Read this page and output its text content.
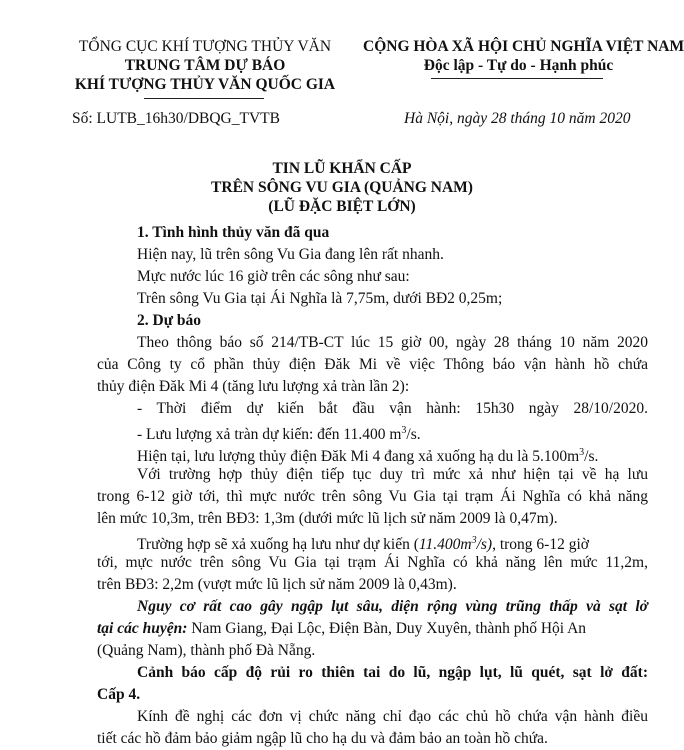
TỔNG CỤC KHÍ TƯỢNG THỦY VĂN
TRUNG TÂM DỰ BÁO
KHÍ TƯỢNG THỦY VĂN QUỐC GIA
CỘNG HÒA XÃ HỘI CHỦ NGHĨA VIỆT NAM
Độc lập - Tự do - Hạnh phúc
Số: LUTB_16h30/DBQG_TVTB	Hà Nội, ngày 28 tháng 10 năm 2020
TIN LŨ KHẨN CẤP
TRÊN SÔNG VU GIA (QUẢNG NAM)
(LŨ ĐẶC BIỆT LỚN)
1. Tình hình thủy văn đã qua
Hiện nay, lũ trên sông Vu Gia đang lên rất nhanh.
Mực nước lúc 16 giờ trên các sông như sau:
Trên sông Vu Gia tại Ái Nghĩa là 7,75m, dưới BĐ2 0,25m;
2. Dự báo
Theo thông báo số 214/TB-CT lúc 15 giờ 00, ngày 28 tháng 10 năm 2020
của Công ty cổ phần thủy điện Đăk Mi về việc Thông báo vận hành hồ chứa
thủy điện Đăk Mi 4 (tăng lưu lượng xả tràn lần 2):
- Thời điểm dự kiến bắt đầu vận hành: 15h30 ngày 28/10/2020.
- Lưu lượng xả tràn dự kiến: đến 11.400 $m^3/s$.
Hiện tại, lưu lượng thủy điện Đăk Mi 4 đang xả xuống hạ du là $5.100m^3/s$.
Với trường hợp thủy điện tiếp tục duy trì mức xả như hiện tại về hạ lưu
trong 6-12 giờ tới, thì mực nước trên sông Vu Gia tại trạm Ái Nghĩa có khả năng
lên mức 10,3m, trên BĐ3: 1,3m (dưới mức lũ lịch sử năm 2009 là 0,47m).
Trường hợp sẽ xả xuống hạ lưu như dự kiến $(11.400m^3/s)$, trong 6-12 giờ
tới, mực nước trên sông Vu Gia tại trạm Ái Nghĩa có khả năng lên mức 11,2m,
trên BĐ3: 2,2m (vượt mức lũ lịch sử năm 2009 là 0,43m).
Nguy cơ rất cao gây ngập lụt sâu, diện rộng vùng trũng thấp và sạt lở
tại các huyện: Nam Giang, Đại Lộc, Điện Bàn, Duy Xuyên, thành phố Hội An
(Quảng Nam), thành phố Đà Nẵng.
Cảnh báo cấp độ rủi ro thiên tai do lũ, ngập lụt, lũ quét, sạt lở đất:
Cấp 4.
Kính đề nghị các đơn vị chức năng chỉ đạo các chủ hồ chứa vận hành điều
tiết các hồ đảm bảo giảm ngập lũ cho hạ du và đảm bảo an toàn hồ chứa.
